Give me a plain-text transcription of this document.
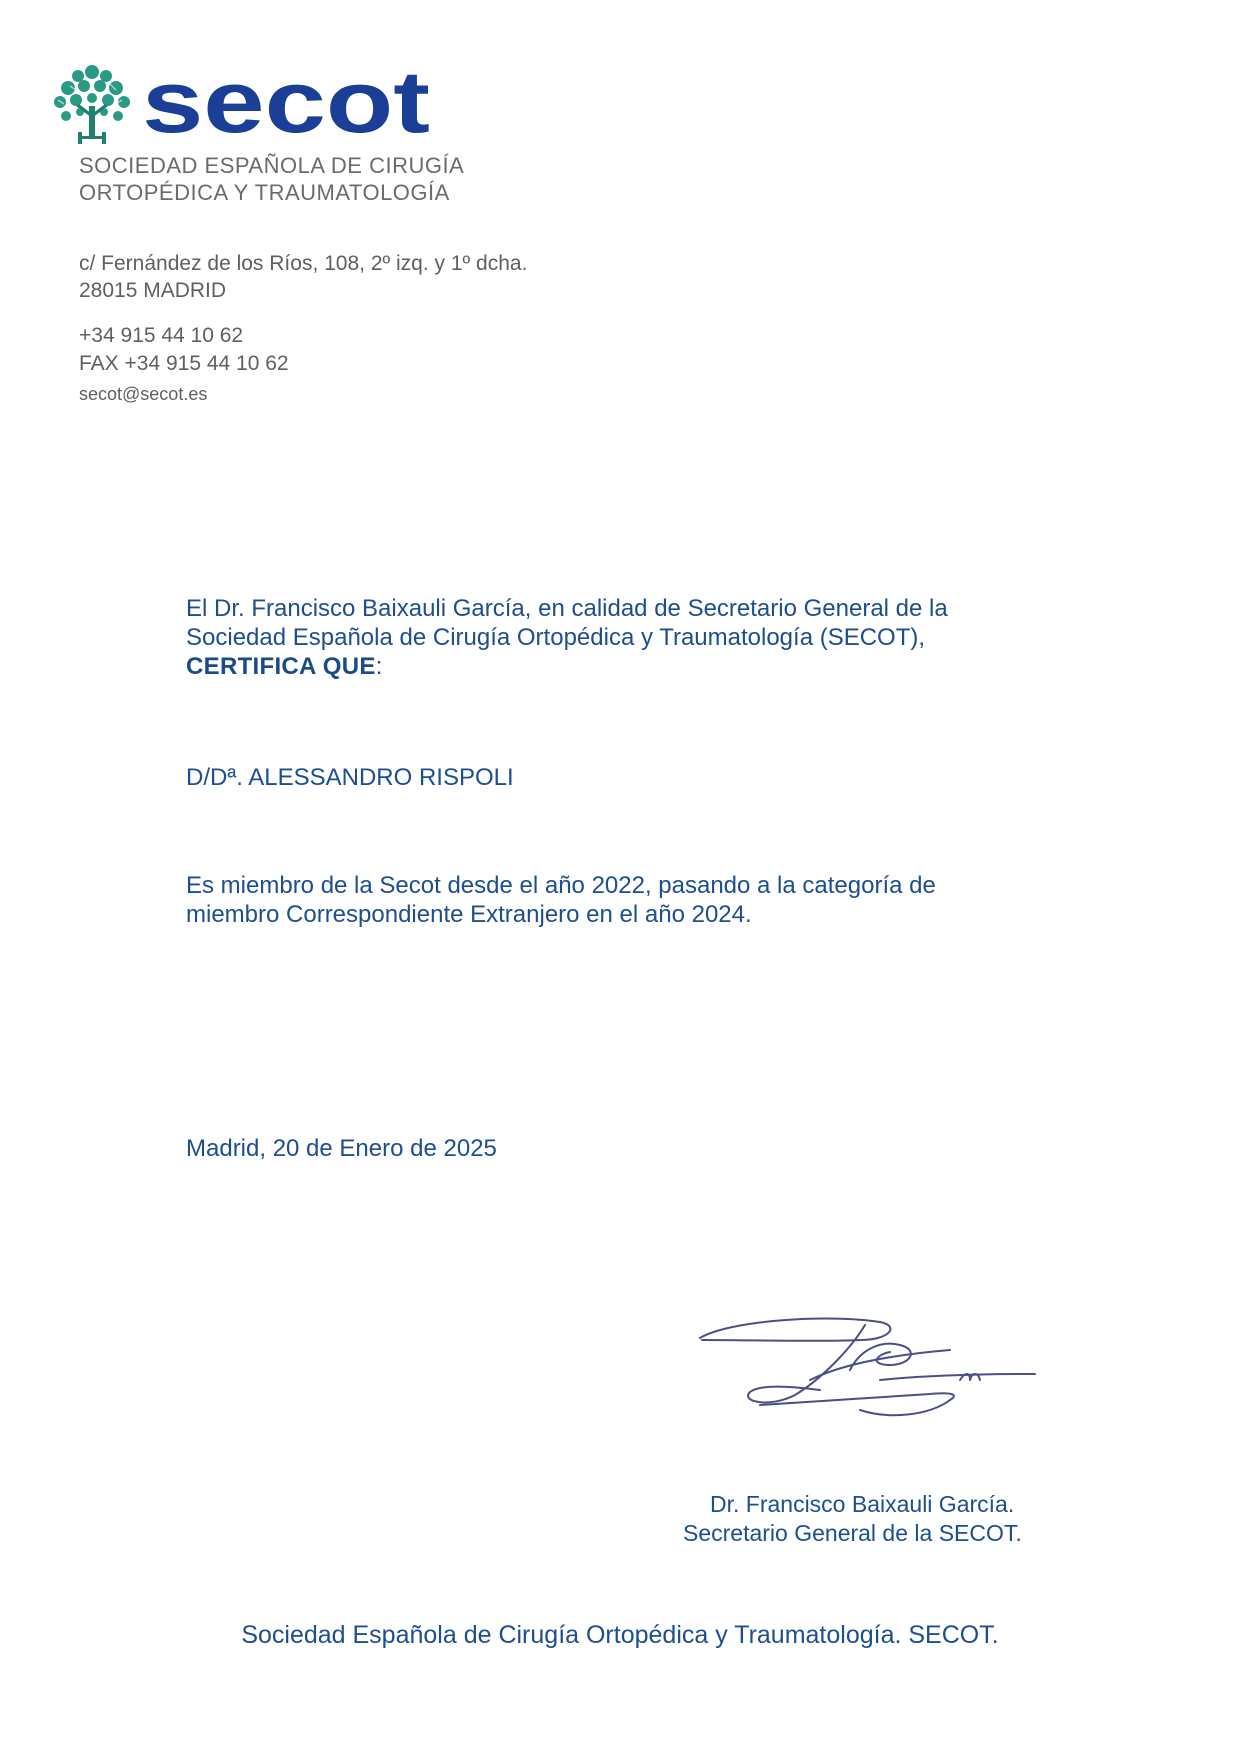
secot
SOCIEDAD ESPAÑOLA DE CIRUGÍA
ORTOPÉDICA Y TRAUMATOLOGÍA
c/ Fernández de los Ríos, 108, 2º izq. y 1º dcha.
28015 MADRID
+34 915 44 10 62
FAX +34 915 44 10 62
secot@secot.es
El Dr. Francisco Baixauli García, en calidad de Secretario General de la
Sociedad Española de Cirugía Ortopédica y Traumatología (SECOT),
CERTIFICA QUE:
D/Dª. ALESSANDRO RISPOLI
Es miembro de la Secot desde el año 2022, pasando a la categoría de
miembro Correspondiente Extranjero en el año 2024.
Madrid, 20 de Enero de 2025
Dr. Francisco Baixauli García.
Secretario General de la SECOT.
Sociedad Española de Cirugía Ortopédica y Traumatología. SECOT.
